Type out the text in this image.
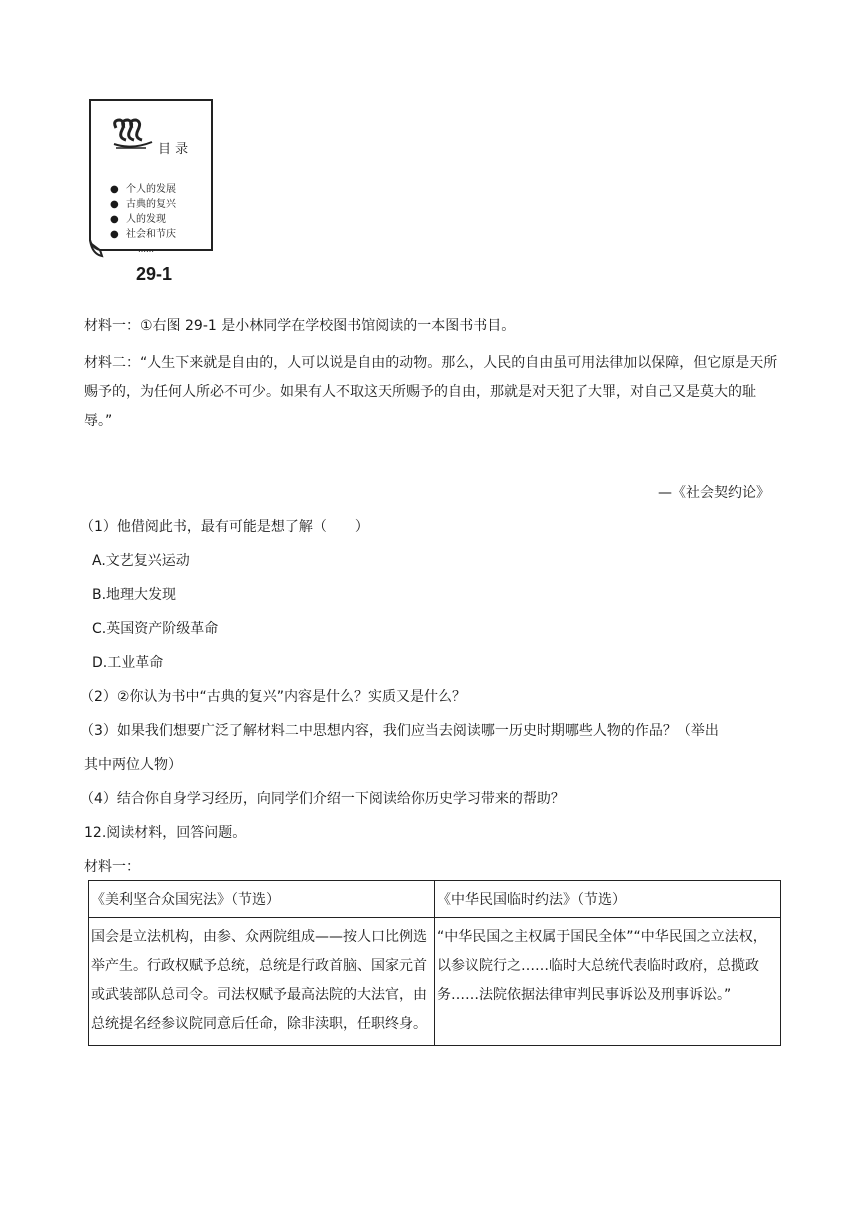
目 录
● 个人的发展
● 古典的复兴
● 人的发现
● 社会和节庆
……
29-1
材料一：①右图 29-1 是小林同学在学校图书馆阅读的一本图书书目。
材料二：“人生下来就是自由的，人可以说是自由的动物。那么，人民的自由虽可用法律加以保障，但它原是天所赐予的，为任何人所必不可少。如果有人不取这天所赐予的自由，那就是对天犯了大罪，对自己又是莫大的耻辱。”
—《社会契约论》
（1）他借阅此书，最有可能是想了解（　　）
A.文艺复兴运动
B.地理大发现
C.英国资产阶级革命
D.工业革命
（2）②你认为书中“古典的复兴”内容是什么？实质又是什么？
（3）如果我们想要广泛了解材料二中思想内容，我们应当去阅读哪一历史时期哪些人物的作品？（举出
其中两位人物）
（4）结合你自身学习经历，向同学们介绍一下阅读给你历史学习带来的帮助？
12.阅读材料，回答问题。
材料一：
《美利坚合众国宪法》（节选）	《中华民国临时约法》（节选）
国会是立法机构，由参、众两院组成——按人口比例选举产生。行政权赋予总统，总统是行政首脑、国家元首或武装部队总司令。司法权赋予最高法院的大法官，由总统提名经参议院同意后任命，除非渎职，任职终身。	“中华民国之主权属于国民全体”“中华民国之立法权，以参议院行之……临时大总统代表临时政府，总揽政务……法院依据法律审判民事诉讼及刑事诉讼。”
